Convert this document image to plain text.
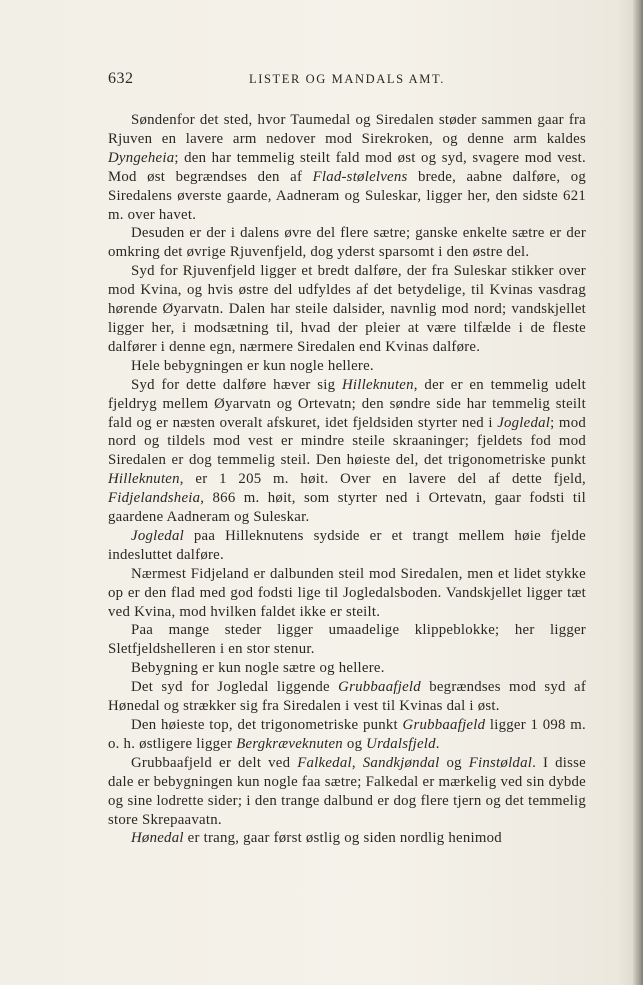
632	LISTER OG MANDALS AMT.

Søndenfor det sted, hvor Taumedal og Siredalen støder sammen gaar fra Rjuven en lavere arm nedover mod Sirekroken, og denne arm kaldes Dyngeheia; den har temmelig steilt fald mod øst og syd, svagere mod vest. Mod øst begrændses den af Flad-stølelvens brede, aabne dalføre, og Siredalens øverste gaarde, Aadneram og Suleskar, ligger her, den sidste 621 m. over havet.

Desuden er der i dalens øvre del flere sætre; ganske enkelte sætre er der omkring det øvrige Rjuvenfjeld, dog yderst sparsomt i den østre del.

Syd for Rjuvenfjeld ligger et bredt dalføre, der fra Suleskar stikker over mod Kvina, og hvis østre del udfyldes af det betydelige, til Kvinas vasdrag hørende Øyarvatn. Dalen har steile dalsider, navnlig mod nord; vandskjellet ligger her, i modsætning til, hvad der pleier at være tilfælde i de fleste dalfører i denne egn, nærmere Siredalen end Kvinas dalføre.

Hele bebygningen er kun nogle hellere.

Syd for dette dalføre hæver sig Hilleknuten, der er en temmelig udelt fjeldryg mellem Øyarvatn og Ortevatn; den søndre side har temmelig steilt fald og er næsten overalt afskuret, idet fjeldsiden styrter ned i Jogledal; mod nord og tildels mod vest er mindre steile skraaninger; fjeldets fod mod Siredalen er dog temmelig steil. Den høieste del, det trigonometriske punkt Hilleknuten, er 1 205 m. høit. Over en lavere del af dette fjeld, Fidjelandsheia, 866 m. høit, som styrter ned i Ortevatn, gaar fodsti til gaardene Aadneram og Suleskar.

Jogledal paa Hilleknutens sydside er et trangt mellem høie fjelde indesluttet dalføre.

Nærmest Fidjeland er dalbunden steil mod Siredalen, men et lidet stykke op er den flad med god fodsti lige til Jogledalsboden. Vandskjellet ligger tæt ved Kvina, mod hvilken faldet ikke er steilt.

Paa mange steder ligger umaadelige klippeblokke; her ligger Sletfjeldshelleren i en stor stenur.

Bebygning er kun nogle sætre og hellere.

Det syd for Jogledal liggende Grubbaafjeld begrændses mod syd af Hønedal og strækker sig fra Siredalen i vest til Kvinas dal i øst.

Den høieste top, det trigonometriske punkt Grubbaafjeld ligger 1 098 m. o. h. østligere ligger Bergkræveknuten og Urdalsfjeld.

Grubbaafjeld er delt ved Falkedal, Sandkjøndal og Finstøldal. I disse dale er bebygningen kun nogle faa sætre; Falkedal er mærkelig ved sin dybde og sine lodrette sider; i den trange dalbund er dog flere tjern og det temmelig store Skrepaavatn.

Hønedal er trang, gaar først østlig og siden nordlig henimod
